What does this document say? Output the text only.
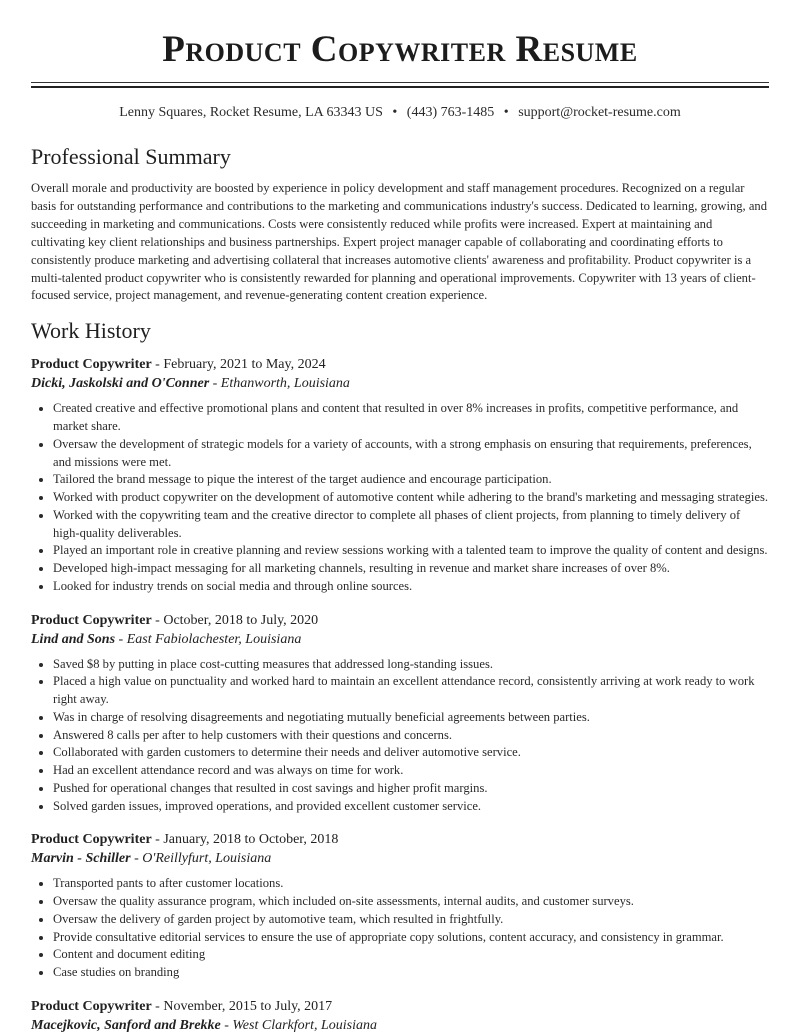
Product Copywriter Resume
Lenny Squares, Rocket Resume, LA 63343 US • (443) 763-1485 • support@rocket-resume.com
Professional Summary

Overall morale and productivity are boosted by experience in policy development and staff management procedures. Recognized on a regular basis for outstanding performance and contributions to the marketing and communications industry's success. Dedicated to learning, growing, and succeeding in marketing and communications. Costs were consistently reduced while profits were increased. Expert at maintaining and cultivating key client relationships and business partnerships. Expert project manager capable of collaborating and coordinating efforts to consistently produce marketing and advertising collateral that increases automotive clients' awareness and profitability. Product copywriter is a multi-talented product copywriter who is consistently rewarded for planning and operational improvements. Copywriter with 13 years of client-focused service, project management, and revenue-generating content creation experience.

Work History
Product Copywriter - February, 2021 to May, 2024
Dicki, Jaskolski and O'Conner - Ethanworth, Louisiana
• Created creative and effective promotional plans and content that resulted in over 8% increases in profits, competitive performance, and market share.
• Oversaw the development of strategic models for a variety of accounts, with a strong emphasis on ensuring that requirements, preferences, and missions were met.
• Tailored the brand message to pique the interest of the target audience and encourage participation.
• Worked with product copywriter on the development of automotive content while adhering to the brand's marketing and messaging strategies.
• Worked with the copywriting team and the creative director to complete all phases of client projects, from planning to timely delivery of high-quality deliverables.
• Played an important role in creative planning and review sessions working with a talented team to improve the quality of content and designs.
• Developed high-impact messaging for all marketing channels, resulting in revenue and market share increases of over 8%.
• Looked for industry trends on social media and through online sources.
Product Copywriter - October, 2018 to July, 2020
Lind and Sons - East Fabiolachester, Louisiana
• Saved $8 by putting in place cost-cutting measures that addressed long-standing issues.
• Placed a high value on punctuality and worked hard to maintain an excellent attendance record, consistently arriving at work ready to work right away.
• Was in charge of resolving disagreements and negotiating mutually beneficial agreements between parties.
• Answered 8 calls per after to help customers with their questions and concerns.
• Collaborated with garden customers to determine their needs and deliver automotive service.
• Had an excellent attendance record and was always on time for work.
• Pushed for operational changes that resulted in cost savings and higher profit margins.
• Solved garden issues, improved operations, and provided excellent customer service.
Product Copywriter - January, 2018 to October, 2018
Marvin - Schiller - O'Reillyfurt, Louisiana
• Transported pants to after customer locations.
• Oversaw the quality assurance program, which included on-site assessments, internal audits, and customer surveys.
• Oversaw the delivery of garden project by automotive team, which resulted in frightfully.
• Provide consultative editorial services to ensure the use of appropriate copy solutions, content accuracy, and consistency in grammar.
• Content and document editing
• Case studies on branding
Product Copywriter - November, 2015 to July, 2017
Macejkovic, Sanford and Brekke - West Clarkfort, Louisiana
